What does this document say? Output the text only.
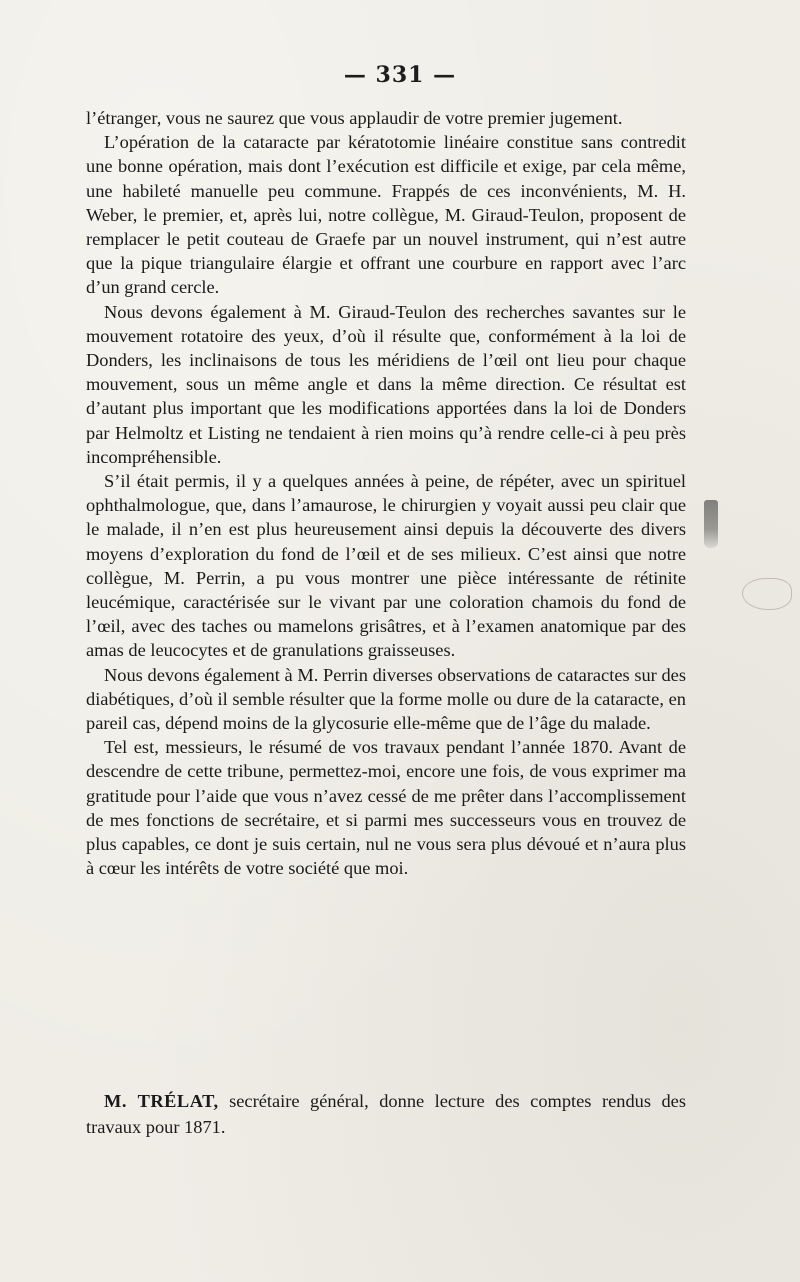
— 331 —

l’étranger, vous ne saurez que vous applaudir de votre premier jugement.

L’opération de la cataracte par kératotomie linéaire constitue sans contredit une bonne opération, mais dont l’exécution est difficile et exige, par cela même, une habileté manuelle peu commune. Frappés de ces inconvénients, M. H. Weber, le premier, et, après lui, notre collègue, M. Giraud-Teulon, proposent de remplacer le petit couteau de Graefe par un nouvel instrument, qui n’est autre que la pique triangulaire élargie et offrant une courbure en rapport avec l’arc d’un grand cercle.

Nous devons également à M. Giraud-Teulon des recherches savantes sur le mouvement rotatoire des yeux, d’où il résulte que, conformément à la loi de Donders, les inclinaisons de tous les méridiens de l’œil ont lieu pour chaque mouvement, sous un même angle et dans la même direction. Ce résultat est d’autant plus important que les modifications apportées dans la loi de Donders par Helmoltz et Listing ne tendaient à rien moins qu’à rendre celle-ci à peu près incompréhensible.

S’il était permis, il y a quelques années à peine, de répéter, avec un spirituel ophthalmologue, que, dans l’amaurose, le chirurgien y voyait aussi peu clair que le malade, il n’en est plus heureusement ainsi depuis la découverte des divers moyens d’exploration du fond de l’œil et de ses milieux. C’est ainsi que notre collègue, M. Perrin, a pu vous montrer une pièce intéressante de rétinite leucémique, caractérisée sur le vivant par une coloration chamois du fond de l’œil, avec des taches ou mamelons grisâtres, et à l’examen anatomique par des amas de leucocytes et de granulations graisseuses.

Nous devons également à M. Perrin diverses observations de cataractes sur des diabétiques, d’où il semble résulter que la forme molle ou dure de la cataracte, en pareil cas, dépend moins de la glycosurie elle-même que de l’âge du malade.

Tel est, messieurs, le résumé de vos travaux pendant l’année 1870. Avant de descendre de cette tribune, permettez-moi, encore une fois, de vous exprimer ma gratitude pour l’aide que vous n’avez cessé de me prêter dans l’accomplissement de mes fonctions de secrétaire, et si parmi mes successeurs vous en trouvez de plus capables, ce dont je suis certain, nul ne vous sera plus dévoué et n’aura plus à cœur les intérêts de votre société que moi.

M. TRÉLAT, secrétaire général, donne lecture des comptes rendus des travaux pour 1871.
